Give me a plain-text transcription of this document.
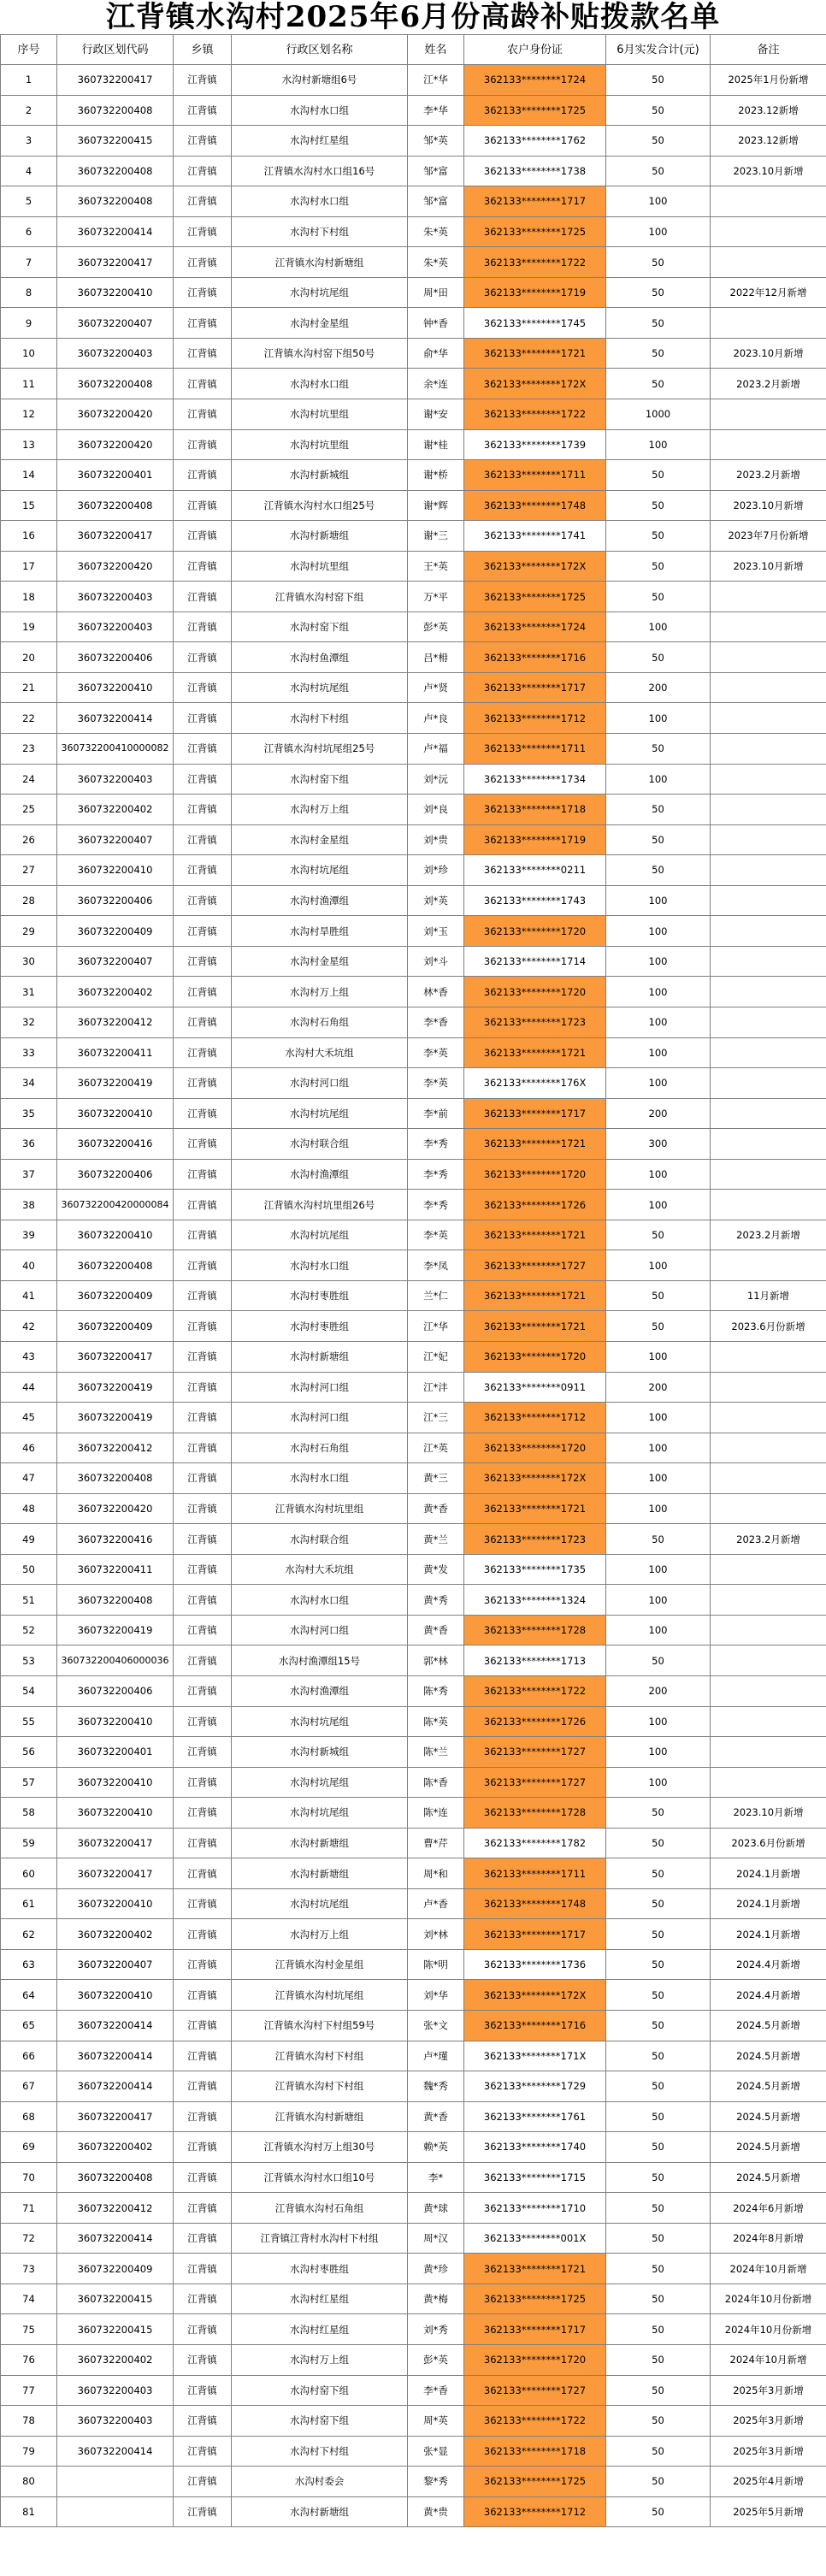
江背镇水沟村2025年6月份高龄补贴拨款名单
序号	行政区划代码	乡镇	行政区划名称	姓名	农户身份证	6月实发合计(元)	备注
1	360732200417	江背镇	水沟村新塘组6号	江*华	362133********1724	50	2025年1月份新增
2	360732200408	江背镇	水沟村水口组	李*华	362133********1725	50	2023.12新增
3	360732200415	江背镇	水沟村红星组	邹*英	362133********1762	50	2023.12新增
4	360732200408	江背镇	江背镇水沟村水口组16号	邹*富	362133********1738	50	2023.10月新增
5	360732200408	江背镇	水沟村水口组	邹*富	362133********1717	100	
6	360732200414	江背镇	水沟村下村组	朱*英	362133********1725	100	
7	360732200417	江背镇	江背镇水沟村新塘组	朱*英	362133********1722	50	
8	360732200410	江背镇	水沟村坑尾组	周*田	362133********1719	50	2022年12月新增
9	360732200407	江背镇	水沟村金星组	钟*香	362133********1745	50	
10	360732200403	江背镇	江背镇水沟村窑下组50号	俞*华	362133********1721	50	2023.10月新增
11	360732200408	江背镇	水沟村水口组	余*连	362133********172X	50	2023.2月新增
12	360732200420	江背镇	水沟村坑里组	谢*安	362133********1722	1000	
13	360732200420	江背镇	水沟村坑里组	谢*桂	362133********1739	100	
14	360732200401	江背镇	水沟村新城组	谢*桥	362133********1711	50	2023.2月新增
15	360732200408	江背镇	江背镇水沟村水口组25号	谢*辉	362133********1748	50	2023.10月新增
16	360732200417	江背镇	水沟村新塘组	谢*三	362133********1741	50	2023年7月份新增
17	360732200420	江背镇	水沟村坑里组	王*英	362133********172X	50	2023.10月新增
18	360732200403	江背镇	江背镇水沟村窑下组	万*平	362133********1725	50	
19	360732200403	江背镇	水沟村窑下组	彭*英	362133********1724	100	
20	360732200406	江背镇	水沟村鱼潭组	吕*枏	362133********1716	50	
21	360732200410	江背镇	水沟村坑尾组	卢*贤	362133********1717	200	
22	360732200414	江背镇	水沟村下村组	卢*良	362133********1712	100	
23	360732200410000082	江背镇	江背镇水沟村坑尾组25号	卢*福	362133********1711	50	
24	360732200403	江背镇	水沟村窑下组	刘*沅	362133********1734	100	
25	360732200402	江背镇	水沟村万上组	刘*良	362133********1718	50	
26	360732200407	江背镇	水沟村金星组	刘*贵	362133********1719	50	
27	360732200410	江背镇	水沟村坑尾组	刘*珍	362133********0211	50	
28	360732200406	江背镇	水沟村渔潭组	刘*英	362133********1743	100	
29	360732200409	江背镇	水沟村旱胜组	刘*玉	362133********1720	100	
30	360732200407	江背镇	水沟村金星组	刘*斗	362133********1714	100	
31	360732200402	江背镇	水沟村万上组	林*香	362133********1720	100	
32	360732200412	江背镇	水沟村石角组	李*香	362133********1723	100	
33	360732200411	江背镇	水沟村大禾坑组	李*英	362133********1721	100	
34	360732200419	江背镇	水沟村河口组	李*英	362133********176X	100	
35	360732200410	江背镇	水沟村坑尾组	李*前	362133********1717	200	
36	360732200416	江背镇	水沟村联合组	李*秀	362133********1721	300	
37	360732200406	江背镇	水沟村渔潭组	李*秀	362133********1720	100	
38	360732200420000084	江背镇	江背镇水沟村坑里组26号	李*秀	362133********1726	100	
39	360732200410	江背镇	水沟村坑尾组	李*英	362133********1721	50	2023.2月新增
40	360732200408	江背镇	水沟村水口组	李*凤	362133********1727	100	
41	360732200409	江背镇	水沟村枣胜组	兰*仁	362133********1721	50	11月新增
42	360732200409	江背镇	水沟村枣胜组	江*华	362133********1721	50	2023.6月份新增
43	360732200417	江背镇	水沟村新塘组	江*妃	362133********1720	100	
44	360732200419	江背镇	水沟村河口组	江*沣	362133********0911	200	
45	360732200419	江背镇	水沟村河口组	江*三	362133********1712	100	
46	360732200412	江背镇	水沟村石角组	江*英	362133********1720	100	
47	360732200408	江背镇	水沟村水口组	黄*三	362133********172X	100	
48	360732200420	江背镇	江背镇水沟村坑里组	黄*香	362133********1721	100	
49	360732200416	江背镇	水沟村联合组	黄*兰	362133********1723	50	2023.2月新增
50	360732200411	江背镇	水沟村大禾坑组	黄*发	362133********1735	100	
51	360732200408	江背镇	水沟村水口组	黄*秀	362133********1324	100	
52	360732200419	江背镇	水沟村河口组	黄*香	362133********1728	100	
53	360732200406000036	江背镇	水沟村渔潭组15号	郭*林	362133********1713	50	
54	360732200406	江背镇	水沟村渔潭组	陈*秀	362133********1722	200	
55	360732200410	江背镇	水沟村坑尾组	陈*英	362133********1726	100	
56	360732200401	江背镇	水沟村新城组	陈*兰	362133********1727	100	
57	360732200410	江背镇	水沟村坑尾组	陈*香	362133********1727	100	
58	360732200410	江背镇	水沟村坑尾组	陈*连	362133********1728	50	2023.10月新增
59	360732200417	江背镇	水沟村新塘组	曹*芹	362133********1782	50	2023.6月份新增
60	360732200417	江背镇	水沟村新塘组	周*和	362133********1711	50	2024.1月新增
61	360732200410	江背镇	水沟村坑尾组	卢*香	362133********1748	50	2024.1月新增
62	360732200402	江背镇	水沟村万上组	刘*林	362133********1717	50	2024.1月新增
63	360732200407	江背镇	江背镇水沟村金星组	陈*明	362133********1736	50	2024.4月新增
64	360732200410	江背镇	江背镇水沟村坑尾组	刘*华	362133********172X	50	2024.4月新增
65	360732200414	江背镇	江背镇水沟村下村组59号	张*文	362133********1716	50	2024.5月新增
66	360732200414	江背镇	江背镇水沟村下村组	卢*瑾	362133********171X	50	2024.5月新增
67	360732200414	江背镇	江背镇水沟村下村组	魏*秀	362133********1729	50	2024.5月新增
68	360732200417	江背镇	江背镇水沟村新塘组	黄*香	362133********1761	50	2024.5月新增
69	360732200402	江背镇	江背镇水沟村万上组30号	赖*英	362133********1740	50	2024.5月新增
70	360732200408	江背镇	江背镇水沟村水口组10号	李*	362133********1715	50	2024.5月新增
71	360732200412	江背镇	江背镇水沟村石角组	黄*球	362133********1710	50	2024年6月新增
72	360732200414	江背镇	江背镇江背村水沟村下村组	周*汉	362133********001X	50	2024年8月新增
73	360732200409	江背镇	水沟村枣胜组	黄*珍	362133********1721	50	2024年10月新增
74	360732200415	江背镇	水沟村红星组	黄*梅	362133********1725	50	2024年10月份新增
75	360732200415	江背镇	水沟村红星组	刘*秀	362133********1717	50	2024年10月份新增
76	360732200402	江背镇	水沟村万上组	彭*英	362133********1720	50	2024年10月新增
77	360732200403	江背镇	水沟村窑下组	李*香	362133********1727	50	2025年3月新增
78	360732200403	江背镇	水沟村窑下组	周*英	362133********1722	50	2025年3月新增
79	360732200414	江背镇	水沟村下村组	张*显	362133********1718	50	2025年3月新增
80		江背镇	水沟村委会	黎*秀	362133********1725	50	2025年4月新增
81		江背镇	水沟村新塘组	黄*贵	362133********1712	50	2025年5月新增
